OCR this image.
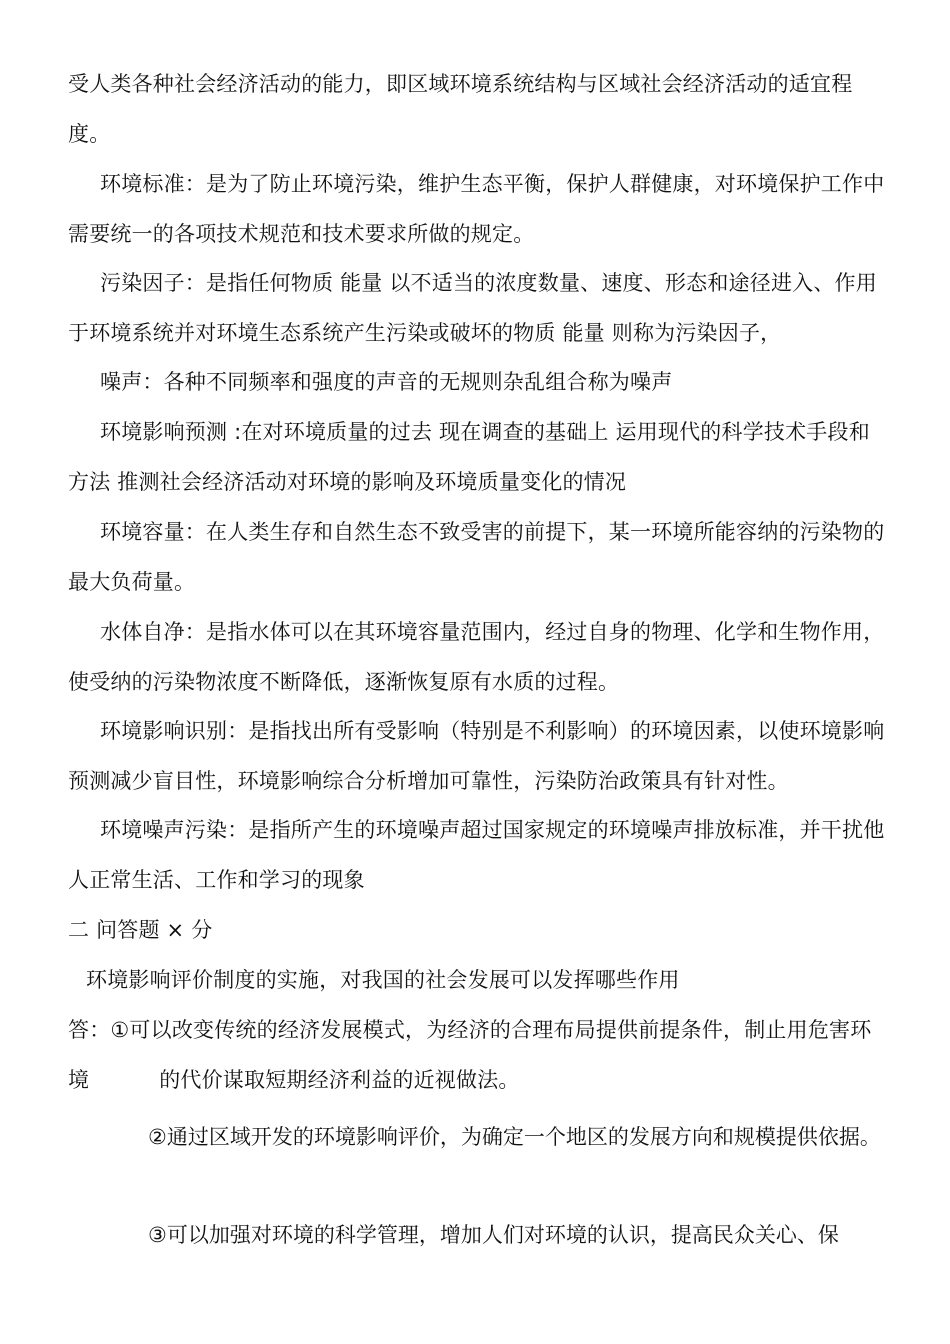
受人类各种社会经济活动的能力，即区域环境系统结构与区域社会经济活动的适宜程度。
环境标准：是为了防止环境污染，维护生态平衡，保护人群健康，对环境保护工作中需要统一的各项技术规范和技术要求所做的规定。
污染因子：是指任何物质 能量 以不适当的浓度数量、速度、形态和途径进入、作用于环境系统并对环境生态系统产生污染或破坏的物质 能量 则称为污染因子，
噪声：各种不同频率和强度的声音的无规则杂乱组合称为噪声
环境影响预测 :在对环境质量的过去 现在调查的基础上 运用现代的科学技术手段和方法 推测社会经济活动对环境的影响及环境质量变化的情况
环境容量：在人类生存和自然生态不致受害的前提下，某一环境所能容纳的污染物的最大负荷量。
水体自净：是指水体可以在其环境容量范围内，经过自身的物理、化学和生物作用，使受纳的污染物浓度不断降低，逐渐恢复原有水质的过程。
环境影响识别：是指找出所有受影响（特别是不利影响）的环境因素，以使环境影响预测减少盲目性，环境影响综合分析增加可靠性，污染防治政策具有针对性。
环境噪声污染：是指所产生的环境噪声超过国家规定的环境噪声排放标准，并干扰他人正常生活、工作和学习的现象
二 问答题 × 分
环境影响评价制度的实施，对我国的社会发展可以发挥哪些作用
答：①可以改变传统的经济发展模式，为经济的合理布局提供前提条件，制止用危害环境	的代价谋取短期经济利益的近视做法。
②通过区域开发的环境影响评价，为确定一个地区的发展方向和规模提供依据。
③可以加强对环境的科学管理，增加人们对环境的认识，提高民众关心、保
